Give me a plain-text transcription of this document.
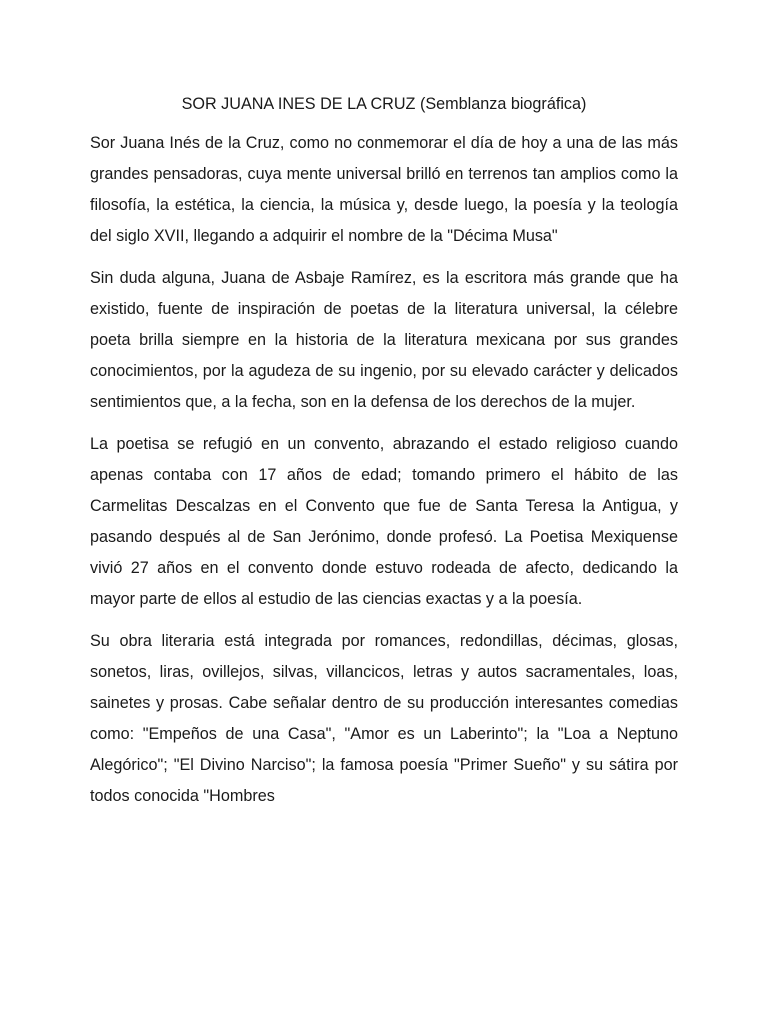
SOR JUANA INES DE LA CRUZ (Semblanza biográfica)

Sor Juana Inés de la Cruz, como no conmemorar el día de hoy a una de las más grandes pensadoras, cuya mente universal brilló en terrenos tan amplios como la filosofía, la estética, la ciencia, la música y, desde luego, la poesía y la teología del siglo XVII, llegando a adquirir el nombre de la "Décima Musa"

Sin duda alguna, Juana de Asbaje Ramírez, es la escritora más grande que ha existido, fuente de inspiración de poetas de la literatura universal, la célebre poeta brilla siempre en la historia de la literatura mexicana por sus grandes conocimientos, por la agudeza de su ingenio, por su elevado carácter y delicados sentimientos que, a la fecha, son en la defensa de los derechos de la mujer.

La poetisa se refugió en un convento, abrazando el estado religioso cuando apenas contaba con 17 años de edad; tomando primero el hábito de las Carmelitas Descalzas en el Convento que fue de Santa Teresa la Antigua, y pasando después al de San Jerónimo, donde profesó. La Poetisa Mexiquense vivió 27 años en el convento donde estuvo rodeada de afecto, dedicando la mayor parte de ellos al estudio de las ciencias exactas y a la poesía.

Su obra literaria está integrada por romances, redondillas, décimas, glosas, sonetos, liras, ovillejos, silvas, villancicos, letras y autos sacramentales, loas, sainetes y prosas. Cabe señalar dentro de su producción interesantes comedias como: "Empeños de una Casa", "Amor es un Laberinto"; la "Loa a Neptuno Alegórico"; "El Divino Narciso"; la famosa poesía "Primer Sueño" y su sátira por todos conocida "Hombres
